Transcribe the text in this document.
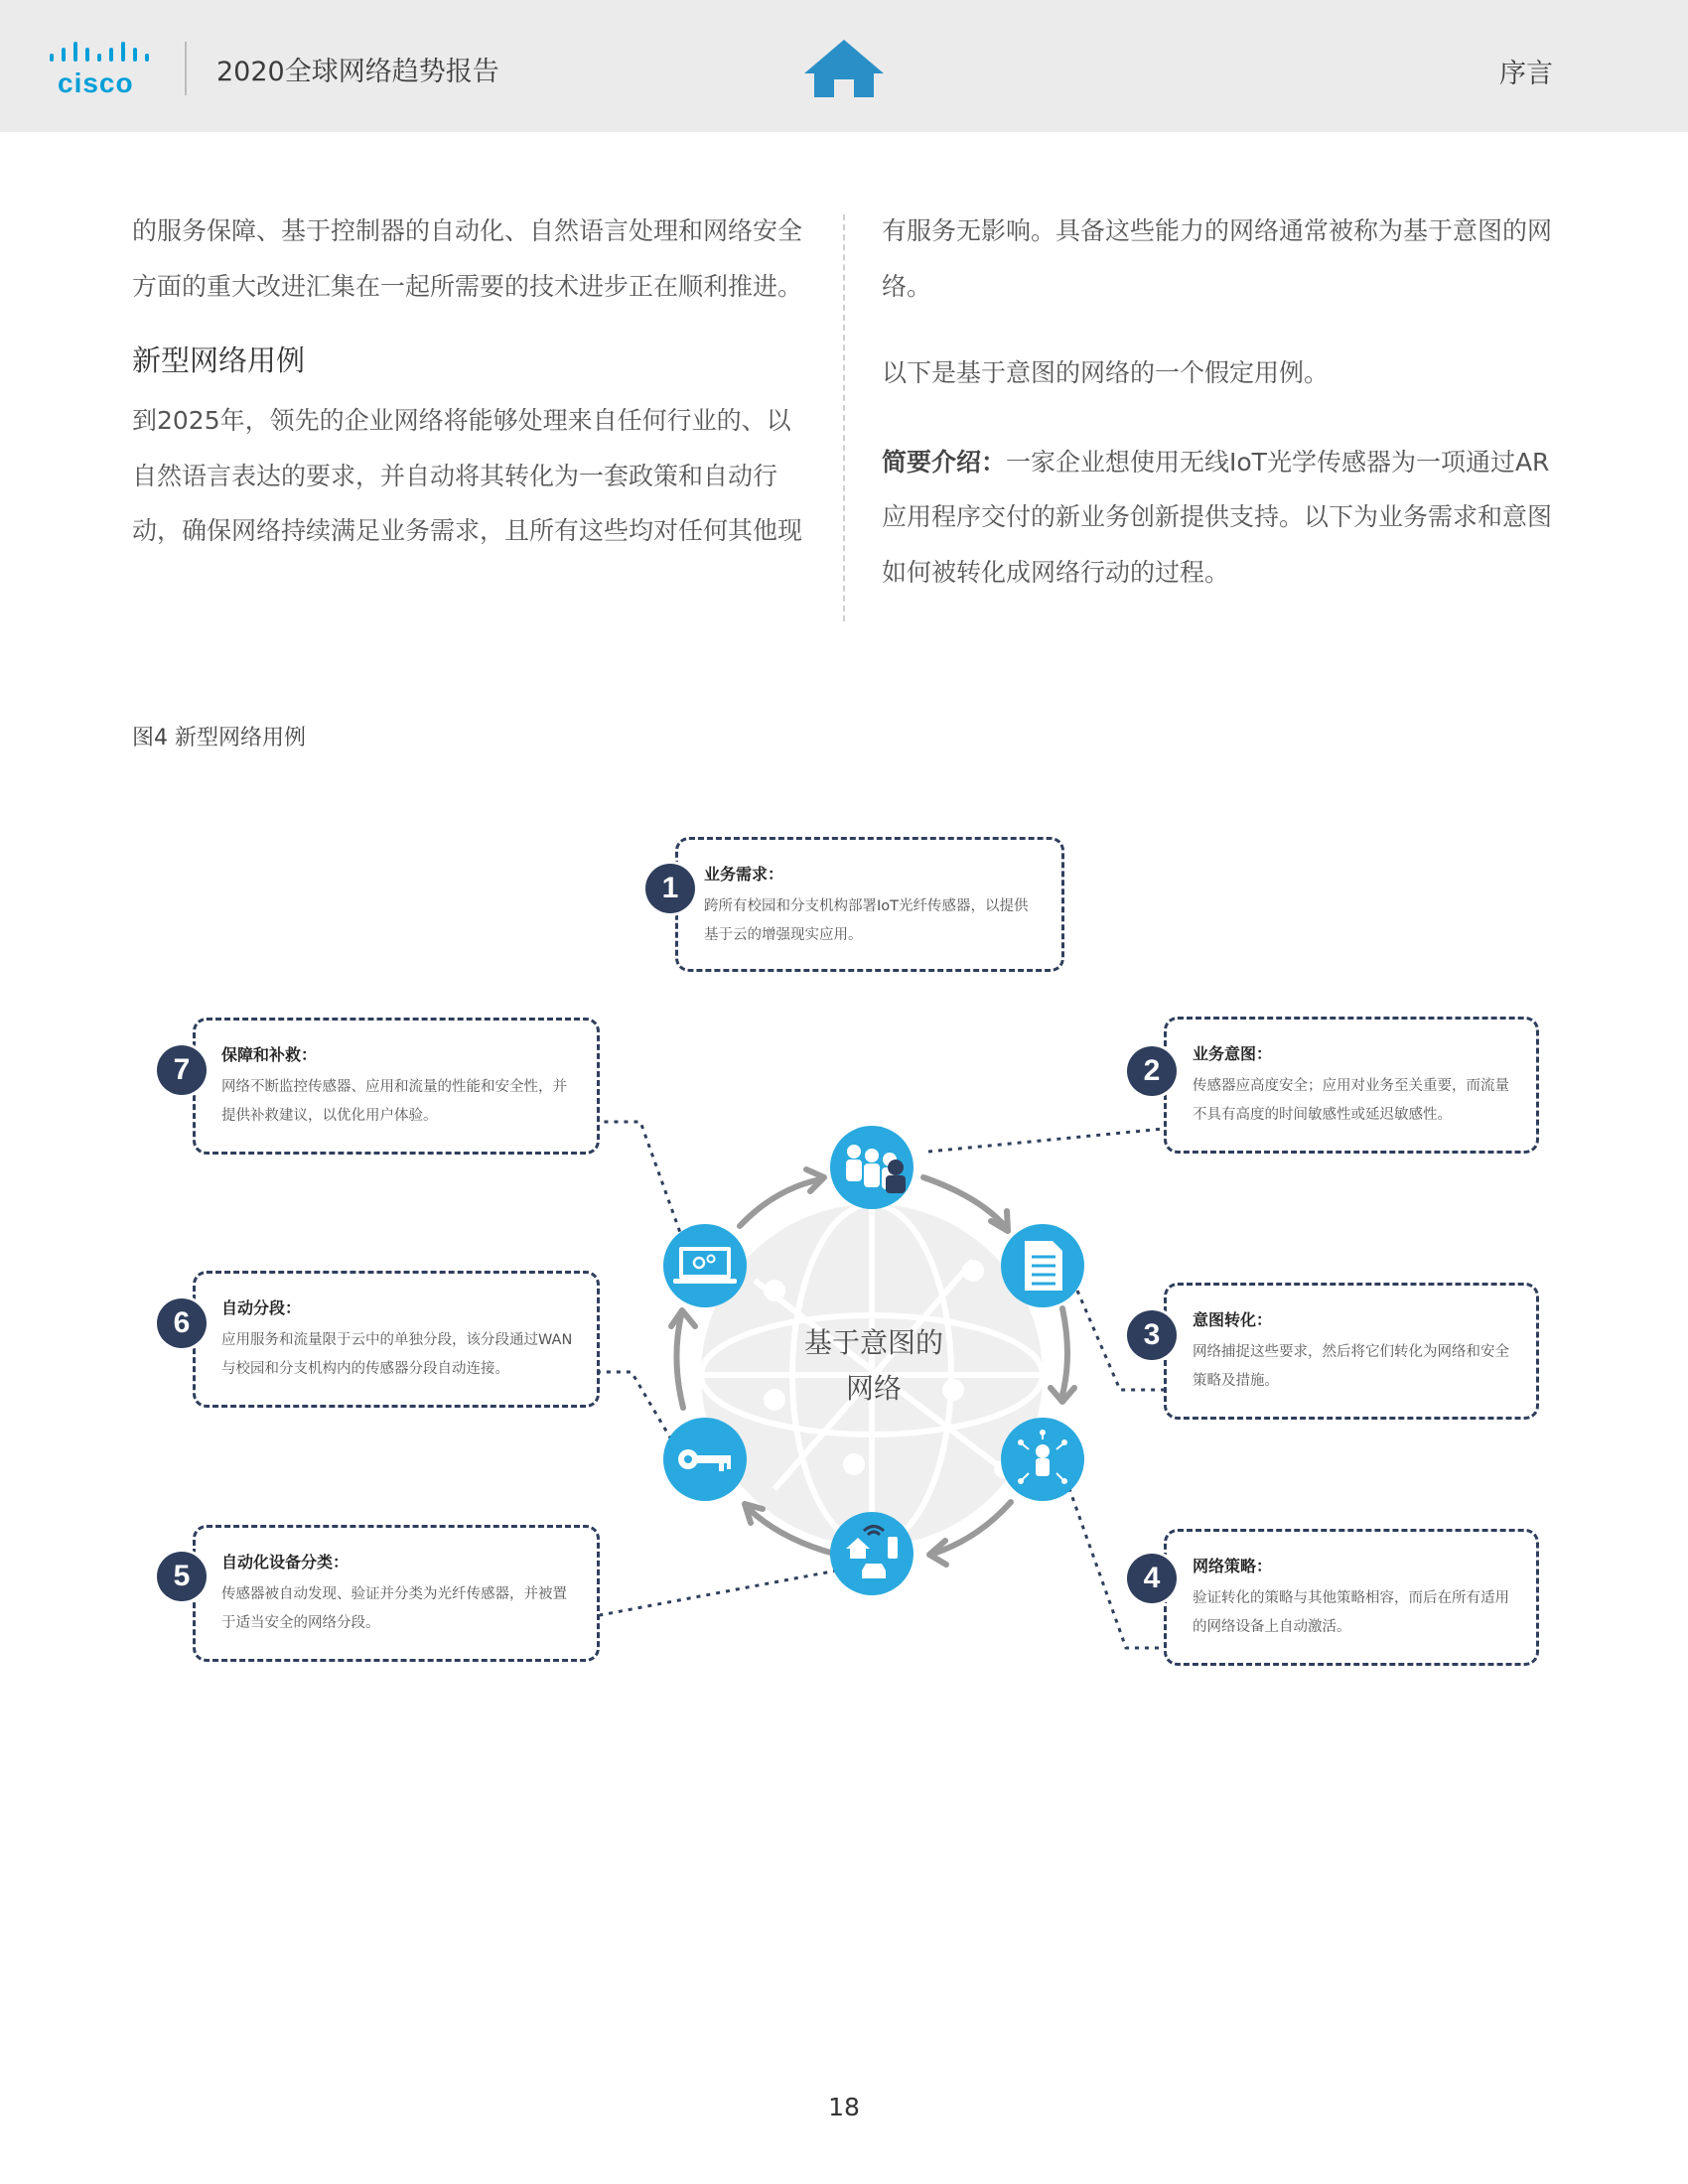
cisco	2020全球网络趋势报告	序言

的服务保障、基于控制器的自动化、自然语言处理和网络安全方面的重大改进汇集在一起所需要的技术进步正在顺利推进。

新型网络用例

到2025年，领先的企业网络将能够处理来自任何行业的、以自然语言表达的要求，并自动将其转化为一套政策和自动行动，确保网络持续满足业务需求，且所有这些均对任何其他现

有服务无影响。具备这些能力的网络通常被称为基于意图的网络。

以下是基于意图的网络的一个假定用例。

简要介绍：一家企业想使用无线IoT光学传感器为一项通过AR应用程序交付的新业务创新提供支持。以下为业务需求和意图如何被转化成网络行动的过程。

图4 新型网络用例
基于意图的
网络
业务需求：
跨所有校园和分支机构部署IoT光纤传感器，以提供基于云的增强现实应用。
1
业务意图：
传感器应高度安全；应用对业务至关重要，而流量不具有高度的时间敏感性或延迟敏感性。
2
意图转化：
网络捕捉这些要求，然后将它们转化为网络和安全策略及措施。
3
网络策略：
验证转化的策略与其他策略相容，而后在所有适用的网络设备上自动激活。
4
自动化设备分类：
传感器被自动发现、验证并分类为光纤传感器，并被置于适当安全的网络分段。
5
自动分段：
应用服务和流量限于云中的单独分段，该分段通过WAN与校园和分支机构内的传感器分段自动连接。
6
保障和补救：
网络不断监控传感器、应用和流量的性能和安全性，并提供补救建议，以优化用户体验。
7
18
